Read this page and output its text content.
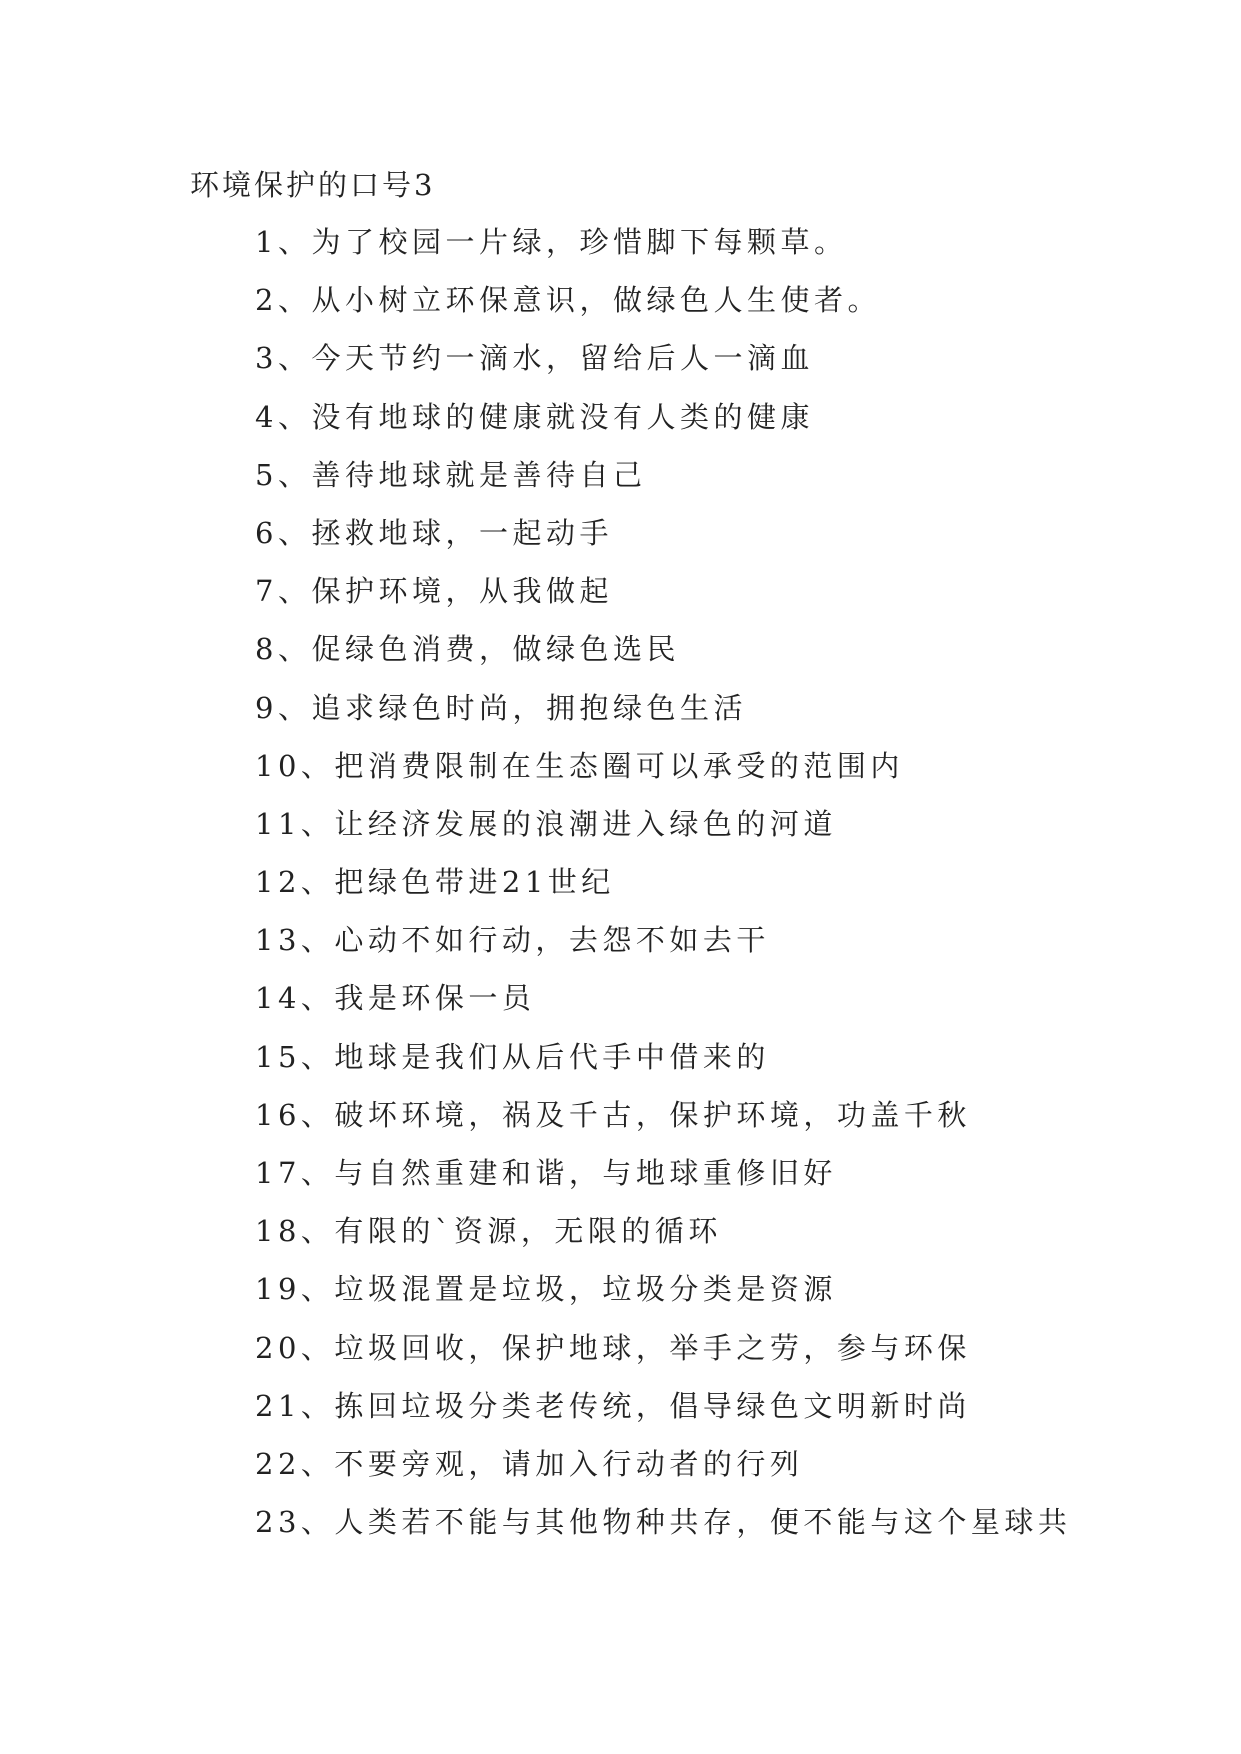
环境保护的口号3
1、为了校园一片绿，珍惜脚下每颗草。
2、从小树立环保意识，做绿色人生使者。
3、今天节约一滴水，留给后人一滴血
4、没有地球的健康就没有人类的健康
5、善待地球就是善待自己
6、拯救地球，一起动手
7、保护环境，从我做起
8、促绿色消费，做绿色选民
9、追求绿色时尚，拥抱绿色生活
10、把消费限制在生态圈可以承受的范围内
11、让经济发展的浪潮进入绿色的河道
12、把绿色带进21世纪
13、心动不如行动，去怨不如去干
14、我是环保一员
15、地球是我们从后代手中借来的
16、破坏环境，祸及千古，保护环境，功盖千秋
17、与自然重建和谐，与地球重修旧好
18、有限的`资源，无限的循环
19、垃圾混置是垃圾，垃圾分类是资源
20、垃圾回收，保护地球，举手之劳，参与环保
21、拣回垃圾分类老传统，倡导绿色文明新时尚
22、不要旁观，请加入行动者的行列
23、人类若不能与其他物种共存，便不能与这个星球共
